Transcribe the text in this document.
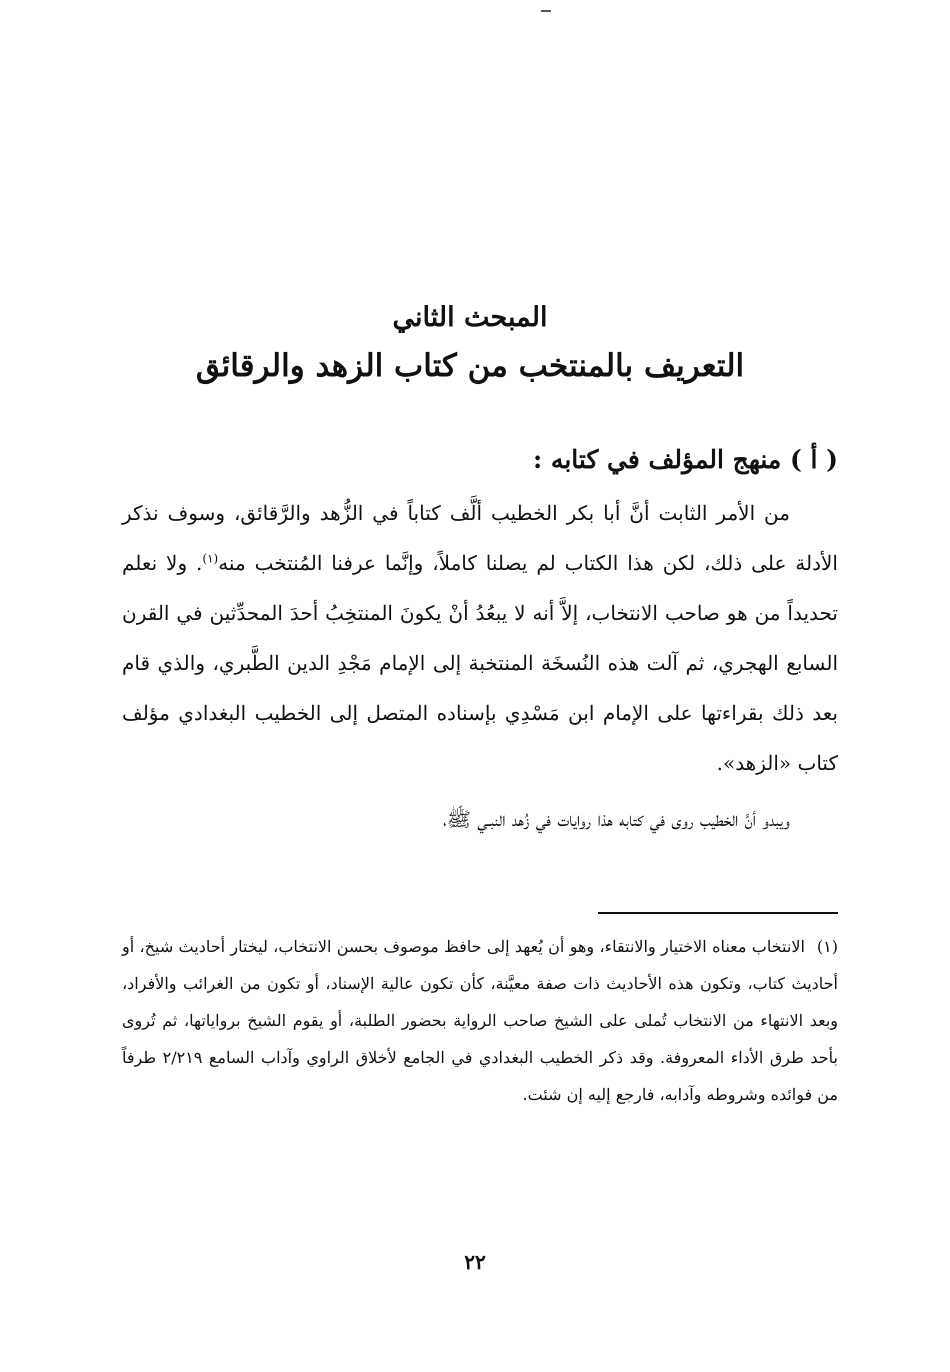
المبحث الثاني

التعريف بالمنتخب من كتاب الزهد والرقائق

( أ ) منهج المؤلف في كتابه :

من الأمر الثابت أنَّ أبا بكر الخطيب ألَّف كتاباً في الزُّهد والرَّقائق، وسوف نذكر الأدلة على ذلك، لكن هذا الكتاب لم يصلنا كاملاً، وإنَّما عرفنا المُنتخب منه$^{(١)}$. ولا نعلم تحديداً من هو صاحب الانتخاب، إلاَّ أنه لا يبعُدُ أنْ يكونَ المنتخِبُ أحدَ المحدِّثين في القرن السابع الهجري، ثم آلت هذه النُسخَة المنتخبة إلى الإمام مَجْدِ الدين الطَّبري، والذي قام بعد ذلك بقراءتها على الإمام ابن مَسْدِي بإسناده المتصل إلى الخطيب البغدادي مؤلف كتاب «الزهد».

ويبدو أنَّ الخطيب روى في كتابه هذا روايات في زُهد النبـي ﷺ،

(١)الانتخاب معناه الاختيار والانتقاء، وهو أن يُعهد إلى حافظ موصوف بحسن الانتخاب، ليختار أحاديث شيخ، أو أحاديث كتاب، وتكون هذه الأحاديث ذات صفة معيَّنة، كأن تكون عالية الإسناد، أو تكون من الغرائب والأفراد، وبعد الانتهاء من الانتخاب تُملى على الشيخ صاحب الرواية بحضور الطلبة، أو يقوم الشيخ برواياتها، ثم تُروى بأحد طرق الأداء المعروفة. وقد ذكر الخطيب البغدادي في الجامع لأخلاق الراوي وآداب السامع ٢/٢١٩ طرفاً من فوائده وشروطه وآدابه، فارجع إليه إن شئت.
٢٢
